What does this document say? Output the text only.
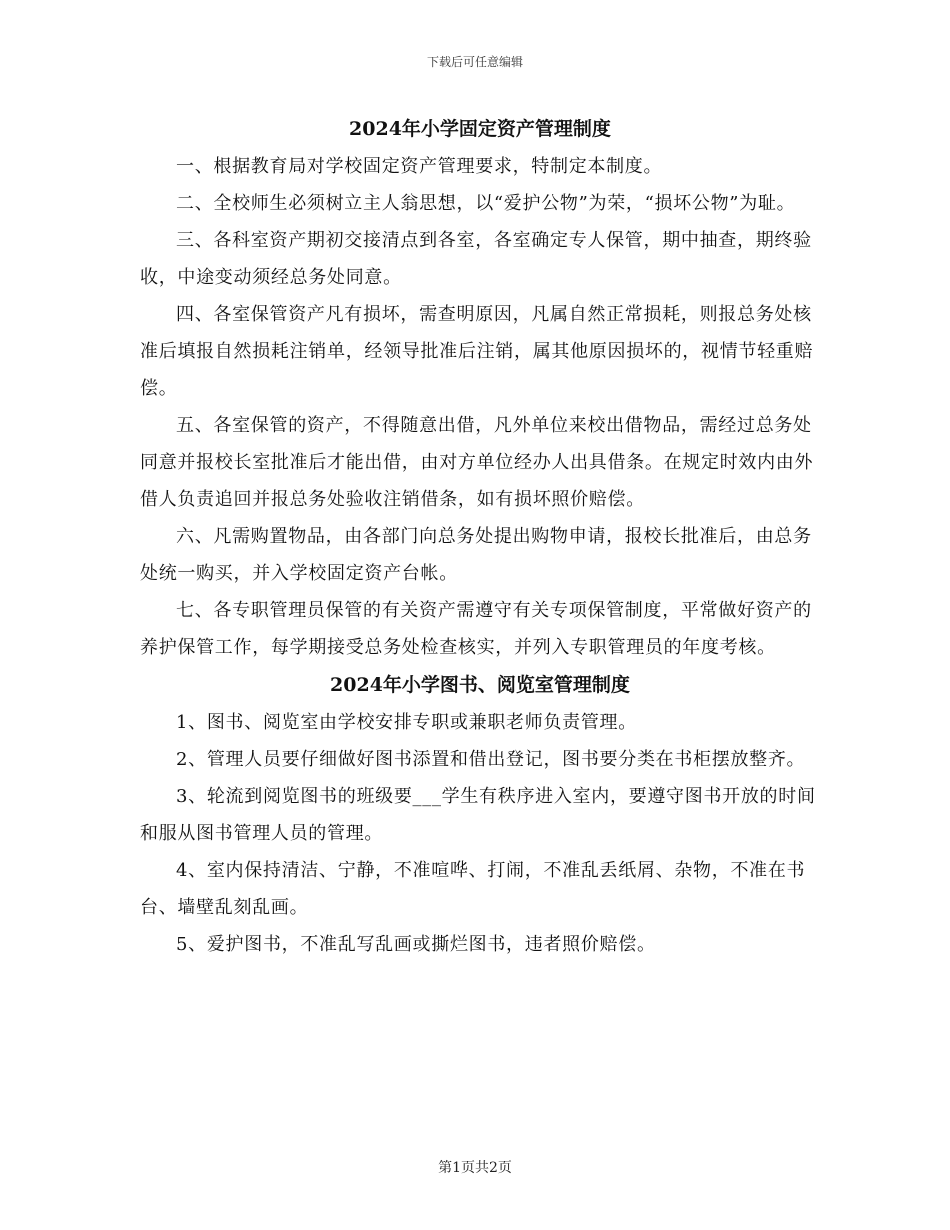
下载后可任意编辑
2024年小学固定资产管理制度

一、根据教育局对学校固定资产管理要求，特制定本制度。

二、全校师生必须树立主人翁思想，以“爱护公物”为荣，“损坏公物”为耻。

三、各科室资产期初交接清点到各室，各室确定专人保管，期中抽查，期终验收，中途变动须经总务处同意。

四、各室保管资产凡有损坏，需查明原因，凡属自然正常损耗，则报总务处核准后填报自然损耗注销单，经领导批准后注销，属其他原因损坏的，视情节轻重赔偿。

五、各室保管的资产，不得随意出借，凡外单位来校出借物品，需经过总务处同意并报校长室批准后才能出借，由对方单位经办人出具借条。在规定时效内由外借人负责追回并报总务处验收注销借条，如有损坏照价赔偿。

六、凡需购置物品，由各部门向总务处提出购物申请，报校长批准后，由总务处统一购买，并入学校固定资产台帐。

七、各专职管理员保管的有关资产需遵守有关专项保管制度，平常做好资产的养护保管工作，每学期接受总务处检查核实，并列入专职管理员的年度考核。

2024年小学图书、阅览室管理制度

1、图书、阅览室由学校安排专职或兼职老师负责管理。

2、管理人员要仔细做好图书添置和借出登记，图书要分类在书柜摆放整齐。

3、轮流到阅览图书的班级要___学生有秩序进入室内，要遵守图书开放的时间和服从图书管理人员的管理。

4、室内保持清洁、宁静，不准喧哗、打闹，不准乱丢纸屑、杂物，不准在书台、墙壁乱刻乱画。

5、爱护图书，不准乱写乱画或撕烂图书，违者照价赔偿。

第1页共2页
